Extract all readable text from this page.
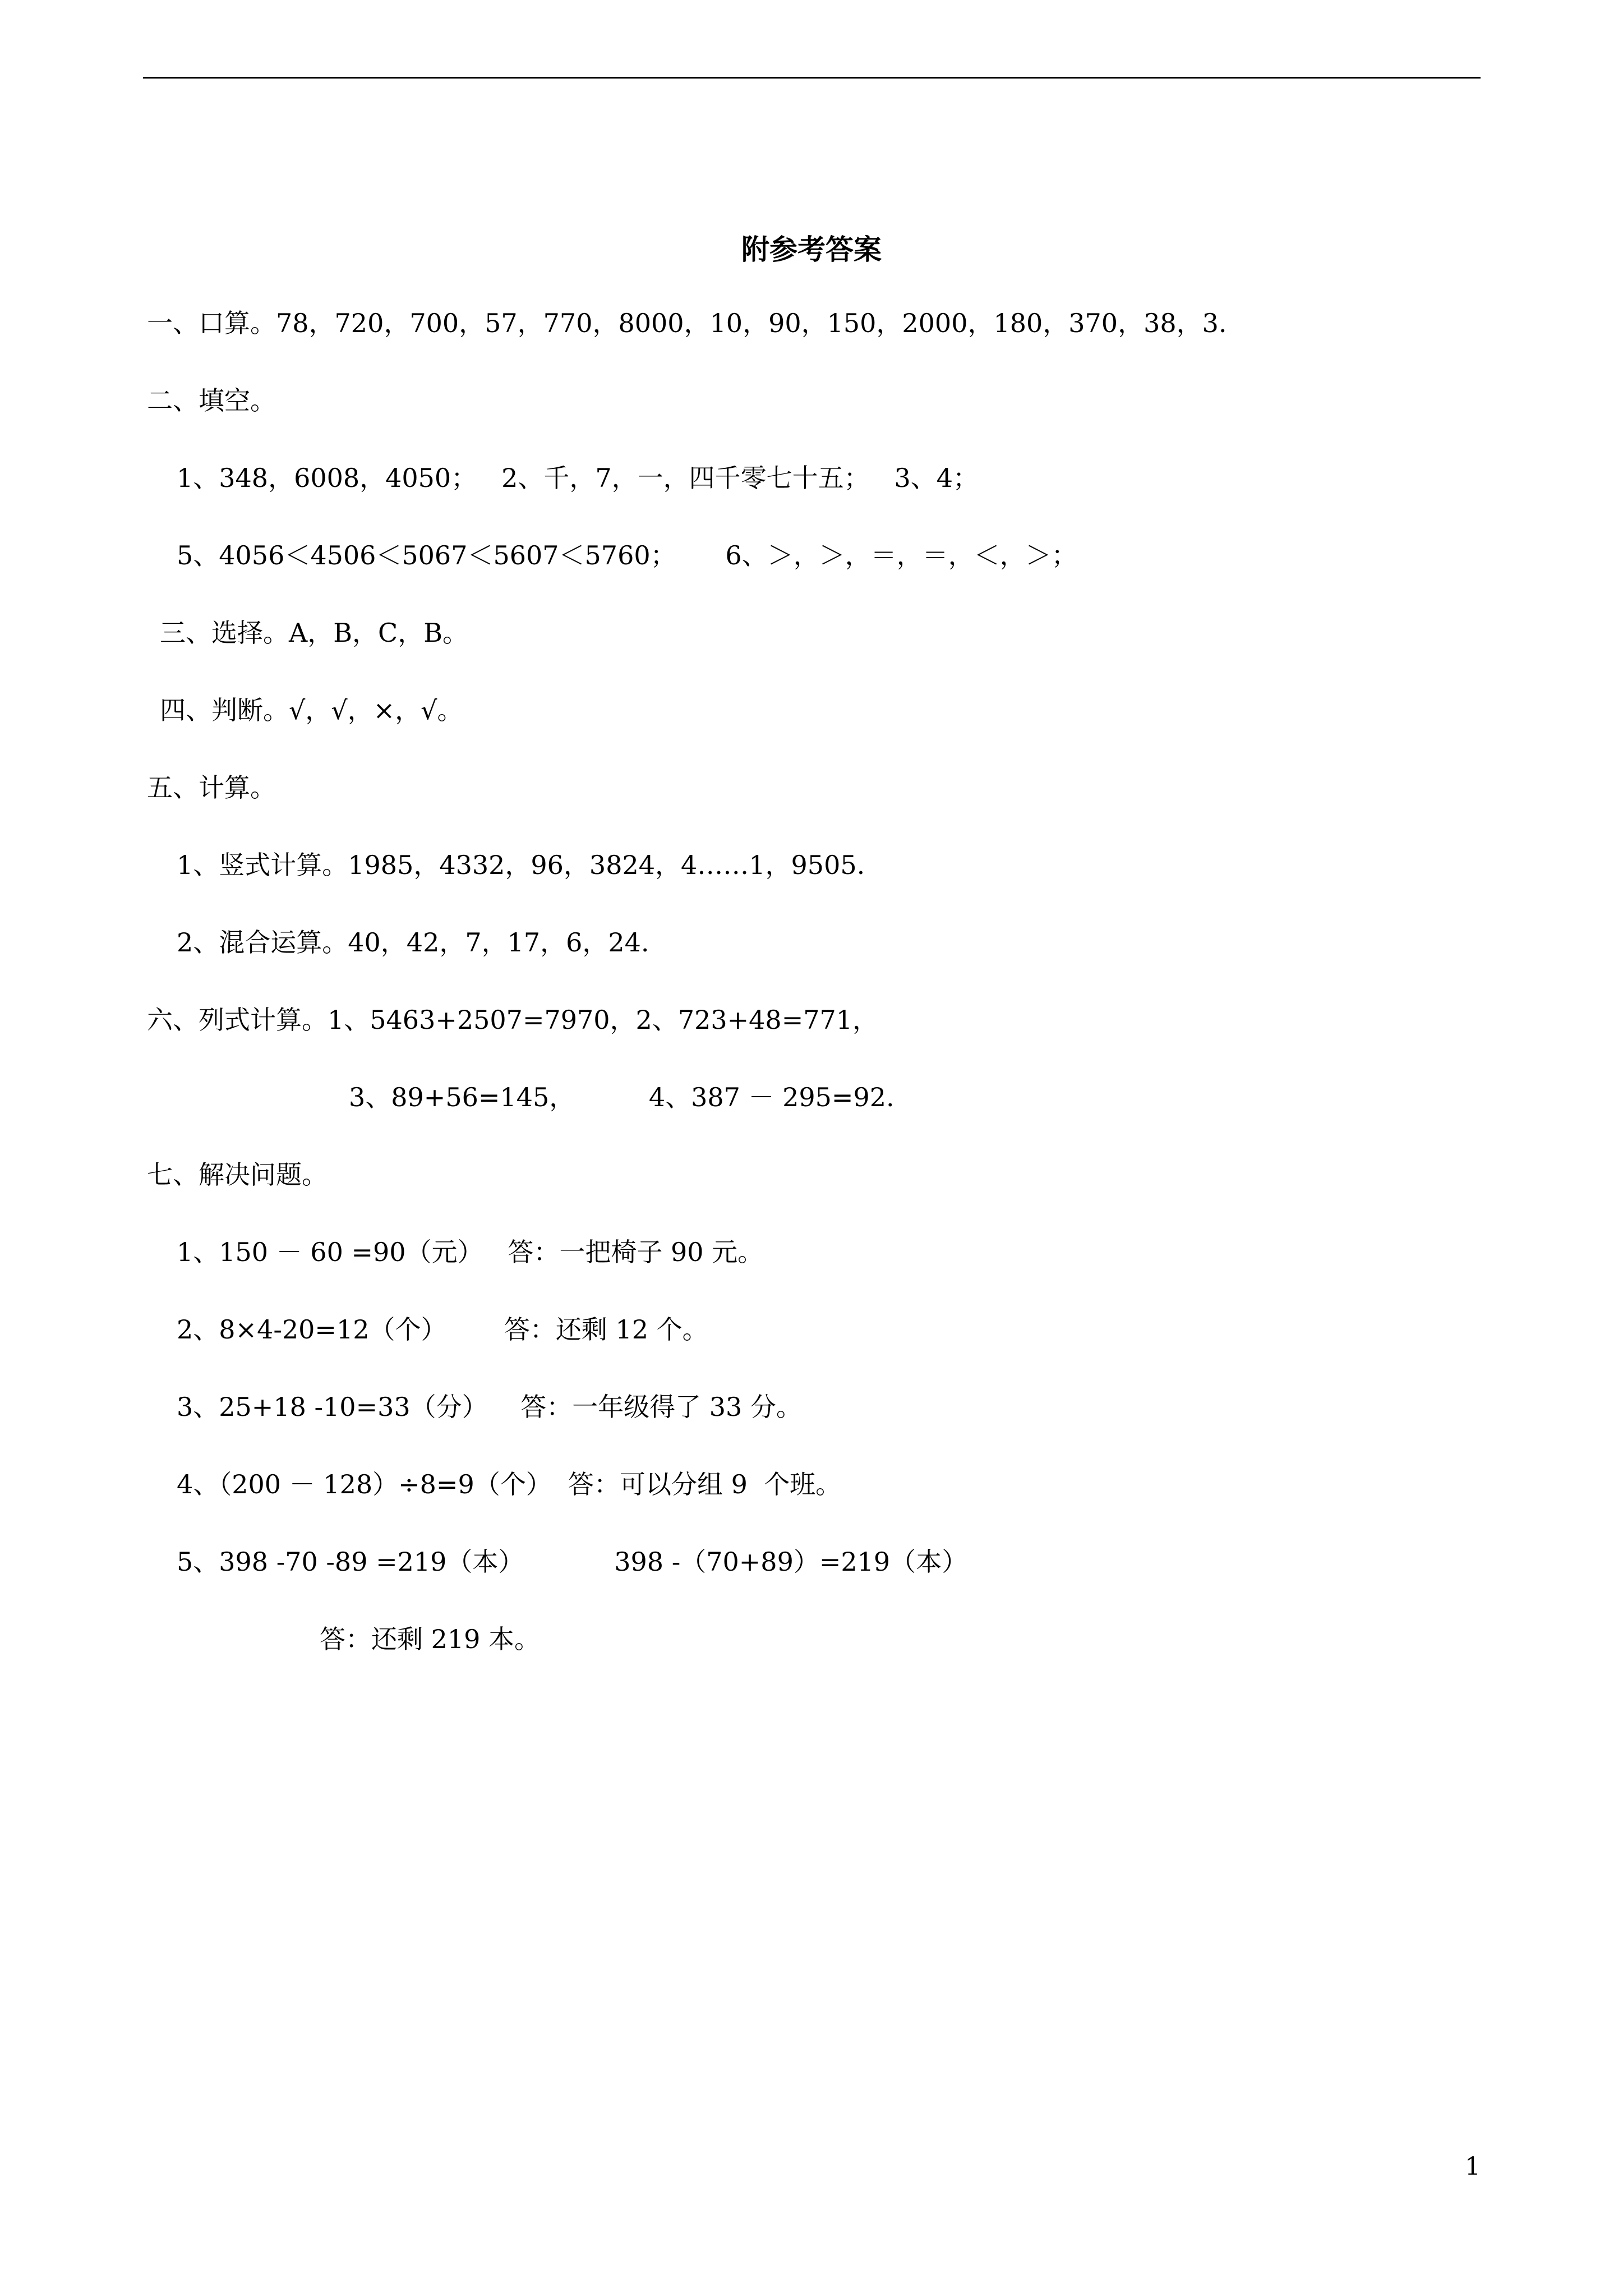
附参考答案
一、口算。78，720，700，57，770，8000，10，90，150，2000，180，370，38，3.
二、填空。
1、348，6008，4050；   2、千，7，一，四千零七十五；   3、4；
5、4056＜4506＜5067＜5607＜5760；      6、＞，＞，＝，＝，＜，＞；
三、选择。A，B，C，B。
四、判断。√，√，×，√。
五、计算。
1、竖式计算。1985，4332，96，3824，4……1，9505.
2、混合运算。40，42，7，17，6，24.
六、列式计算。1、5463+2507=7970，2、723+48=771，
3、89+56=145，         4、387 － 295=92.
七、解决问题。
1、150 － 60 =90（元）   答：一把椅子 90 元。
2、8×4-20=12（个）       答：还剩 12 个。
3、25+18 -10=33（分）    答：一年级得了 33 分。
4、（200 － 128）÷8=9（个）  答：可以分组 9  个班。
5、398 -70 -89 =219（本）           398 -（70+89）=219（本）
答：还剩 219 本。
1
